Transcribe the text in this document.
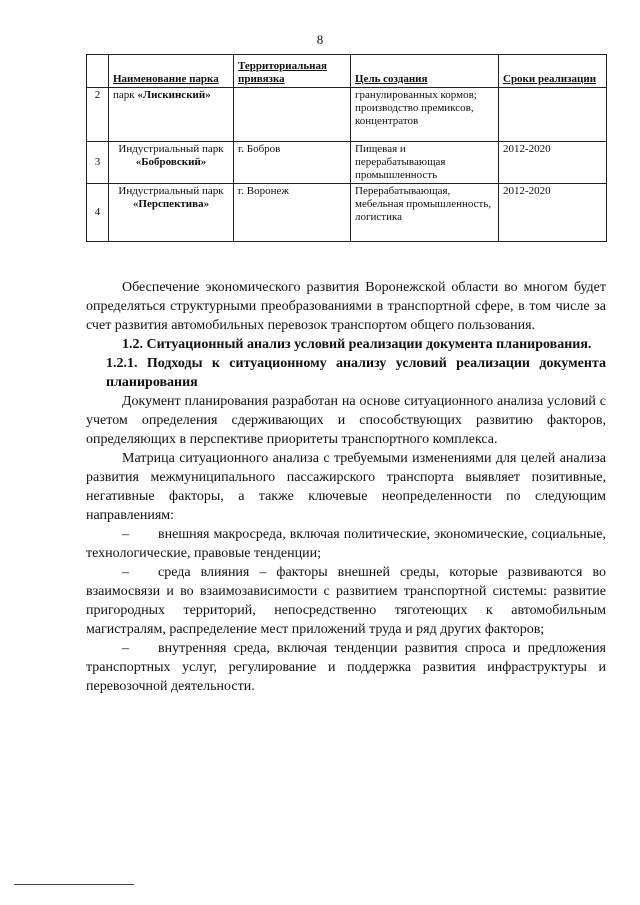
8
	Наименование парка	Территориальная привязка	Цель создания	Сроки реализации
2	парк «Лискинский»		гранулированных кормов; производство премиксов, концентратов	
3	Индустриальный парк «Бобровский»	г. Бобров	Пищевая и перерабатывающая промышленность	2012-2020
4	Индустриальный парк «Перспектива»	г. Воронеж	Перерабатывающая, мебельная промышленность, логистика	2012-2020

Обеспечение экономического развития Воронежской области во многом будет определяться структурными преобразованиями в транспортной сфере, в том числе за счет развития автомобильных перевозок транспортом общего пользования.

1.2. Ситуационный анализ условий реализации документа планирования.

1.2.1. Подходы к ситуационному анализу условий реализации документа планирования

Документ планирования разработан на основе ситуационного анализа условий с учетом определения сдерживающих и способствующих развитию факторов, определяющих в перспективе приоритеты транспортного комплекса.

Матрица ситуационного анализа с требуемыми изменениями для целей анализа развития межмуниципального пассажирского транспорта выявляет позитивные, негативные факторы, а также ключевые неопределенности по следующим направлениям:

– внешняя макросреда, включая политические, экономические, социальные, технологические, правовые тенденции;

– среда влияния – факторы внешней среды, которые развиваются во взаимосвязи и во взаимозависимости с развитием транспортной системы: развитие пригородных территорий, непосредственно тяготеющих к автомобильным магистралям, распределение мест приложений труда и ряд других факторов;

– внутренняя среда, включая тенденции развития спроса и предложения транспортных услуг, регулирование и поддержка развития инфраструктуры и перевозочной деятельности.
